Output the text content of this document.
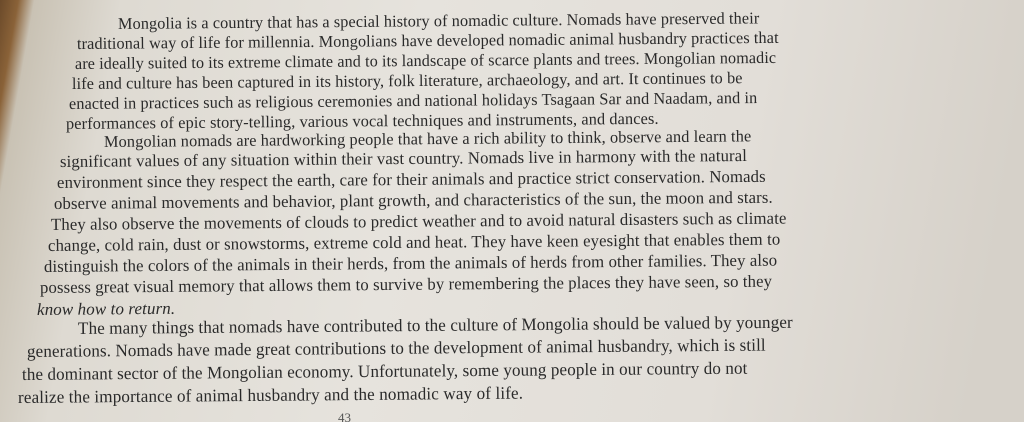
Mongolia is a country that has a special history of nomadic culture. Nomads have preserved their
traditional way of life for millennia. Mongolians have developed nomadic animal husbandry practices that
are ideally suited to its extreme climate and to its landscape of scarce plants and trees. Mongolian nomadic
life and culture has been captured in its history, folk literature, archaeology, and art. It continues to be
enacted in practices such as religious ceremonies and national holidays Tsagaan Sar and Naadam, and in
performances of epic story-telling, various vocal techniques and instruments, and dances.
Mongolian nomads are hardworking people that have a rich ability to think, observe and learn the
significant values of any situation within their vast country. Nomads live in harmony with the natural
environment since they respect the earth, care for their animals and practice strict conservation. Nomads
observe animal movements and behavior, plant growth, and characteristics of the sun, the moon and stars.
They also observe the movements of clouds to predict weather and to avoid natural disasters such as climate
change, cold rain, dust or snowstorms, extreme cold and heat. They have keen eyesight that enables them to
distinguish the colors of the animals in their herds, from the animals of herds from other families. They also
possess great visual memory that allows them to survive by remembering the places they have seen, so they
know how to return.
The many things that nomads have contributed to the culture of Mongolia should be valued by younger
generations. Nomads have made great contributions to the development of animal husbandry, which is still
the dominant sector of the Mongolian economy. Unfortunately, some young people in our country do not
realize the importance of animal husbandry and the nomadic way of life.
43
